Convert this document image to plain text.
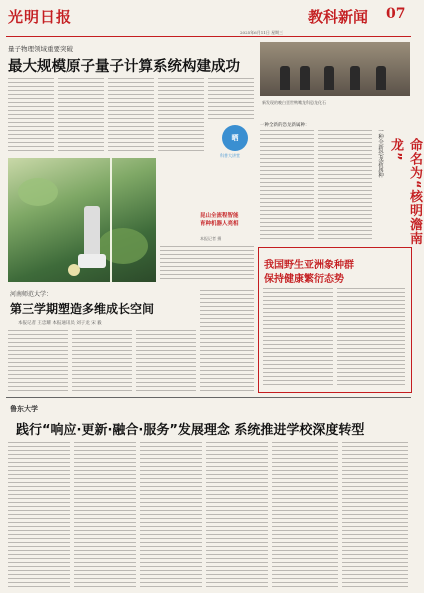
光明日报	教科新闻 07
2025年6月11日 星期三
量子物理领域重要突破
最大规模原子量子计算系统构建成功
晒
科普大讲堂
昆山全流程智能
育种机器人亮相
本报记者 摄
新发现的晚白垩世鸭嘴龙科恐龙化石
一种全新的恐龙新属种：
一种全新恐龙新属种	命名为“核明澹南龙”
我国野生亚洲象种群
保持健康繁衍态势
河南师范大学：
第三学期塑造多维成长空间
本报记者 王忠耀 本报通讯员 刘子龙 宋 毅
鲁东大学
践行“响应·更新·融合·服务”发展理念 系统推进学校深度转型
